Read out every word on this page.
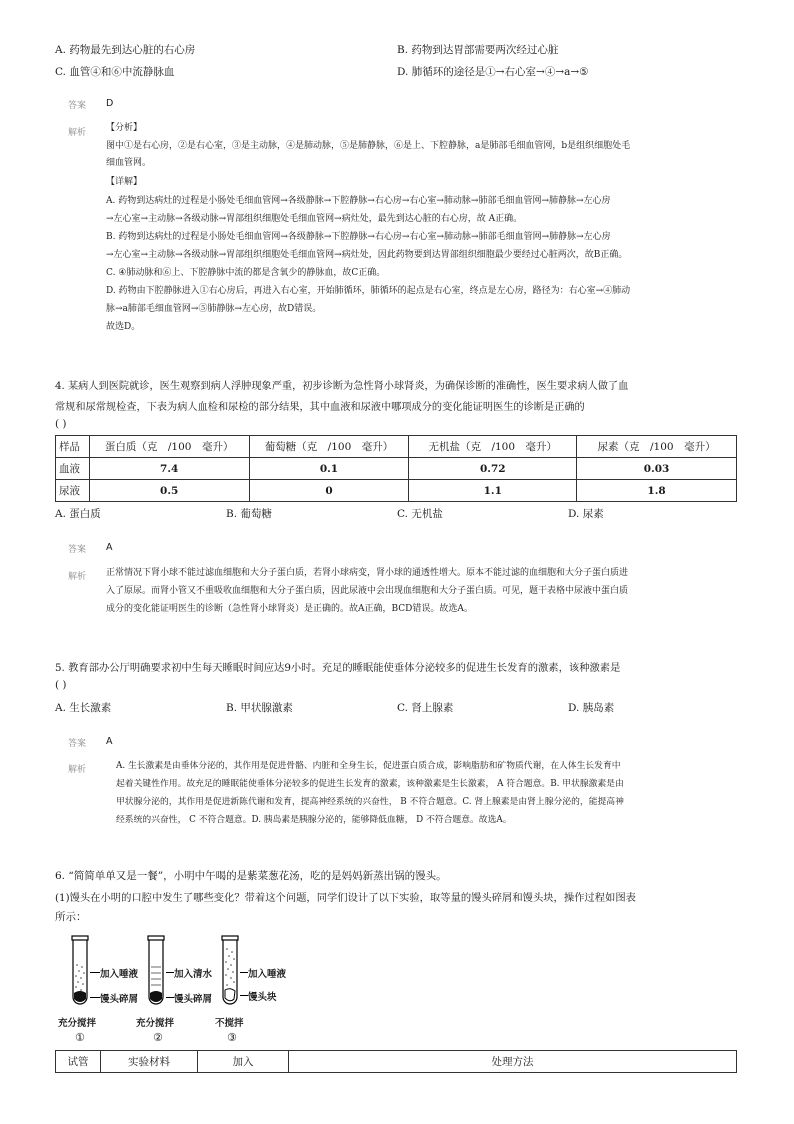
A. 药物最先到达心脏的右心房	B. 药物到达胃部需要两次经过心脏
C. 血管④和⑥中流静脉血	D. 肺循环的途径是①→右心室→④→a→⑤
答案 D
解析 【分析】
图中①是右心房，②是右心室，③是主动脉，④是肺动脉，⑤是肺静脉，⑥是上、下腔静脉，a是肺部毛细血管网，b是组织细胞处毛
细血管网。
【详解】
A. 药物到达病灶的过程是小肠处毛细血管网→各级静脉→下腔静脉→右心房→右心室→肺动脉→肺部毛细血管网→肺静脉→左心房
→左心室→主动脉→各级动脉→胃部组织细胞处毛细血管网→病灶处，最先到达心脏的右心房，故 A正确。
B. 药物到达病灶的过程是小肠处毛细血管网→各级静脉→下腔静脉→右心房→右心室→肺动脉→肺部毛细血管网→肺静脉→左心房
→左心室→主动脉→各级动脉→胃部组织细胞处毛细血管网→病灶处，因此药物要到达胃部组织细胞最少要经过心脏两次，故B正确。
C. ④肺动脉和⑥上、下腔静脉中流的都是含氧少的静脉血，故C正确。
D. 药物由下腔静脉进入①右心房后，再进入右心室，开始肺循环，肺循环的起点是右心室，终点是左心房，路径为：右心室→④肺动
脉→a肺部毛细血管网→⑤肺静脉→左心房，故D错误。
故选D。
4. 某病人到医院就诊，医生观察到病人浮肿现象严重，初步诊断为急性肾小球肾炎，为确保诊断的准确性，医生要求病人做了血
常规和尿常规检查，下表为病人血检和尿检的部分结果，其中血液和尿液中哪项成分的变化能证明医生的诊断是正确的
( )
样品	蛋白质（克　/100　毫升）	葡萄糖（克　/100　毫升）	无机盐（克　/100　毫升）	尿素（克　/100　毫升）
血液	7.4	0.1	0.72	0.03
尿液	0.5	0	1.1	1.8
A. 蛋白质	B. 葡萄糖	C. 无机盐	D. 尿素
答案 A
解析 正常情况下肾小球不能过滤血细胞和大分子蛋白质，若肾小球病变，肾小球的通透性增大。原本不能过滤的血细胞和大分子蛋白质进
入了原尿。而肾小管又不重吸收血细胞和大分子蛋白质，因此尿液中会出现血细胞和大分子蛋白质。可见，题干表格中尿液中蛋白质
成分的变化能证明医生的诊断（急性肾小球肾炎）是正确的。故A正确，BCD错误。故选A。
5. 教育部办公厅明确要求初中生每天睡眠时间应达9小时。充足的睡眠能使垂体分泌较多的促进生长发育的激素，该种激素是
( )
A. 生长激素	B. 甲状腺激素	C. 肾上腺素	D. 胰岛素
答案 A
解析	A. 生长激素是由垂体分泌的，其作用是促进骨骼、内脏和全身生长，促进蛋白质合成，影响脂肪和矿物质代谢，在人体生长发育中
起着关键性作用。故充足的睡眠能使垂体分泌较多的促进生长发育的激素，该种激素是生长激素， A 符合题意。B. 甲状腺激素是由
甲状腺分泌的，其作用是促进新陈代谢和发育，提高神经系统的兴奋性， B 不符合题意。C. 肾上腺素是由肾上腺分泌的，能提高神
经系统的兴奋性， C 不符合题意。D. 胰岛素是胰腺分泌的，能够降低血糖， D 不符合题意。故选A。
6. “简简单单又是一餐”，小明中午喝的是紫菜葱花汤，吃的是妈妈新蒸出锅的馒头。
(1)馒头在小明的口腔中发生了哪些变化？带着这个问题，同学们设计了以下实验，取等量的馒头碎屑和馒头块，操作过程如图表
所示：
加入唾液
馒头碎屑
充分搅拌
①
加入清水
馒头碎屑
充分搅拌
②
加入唾液
馒头块
不搅拌
③
试管	实验材料	加入	处理方法
